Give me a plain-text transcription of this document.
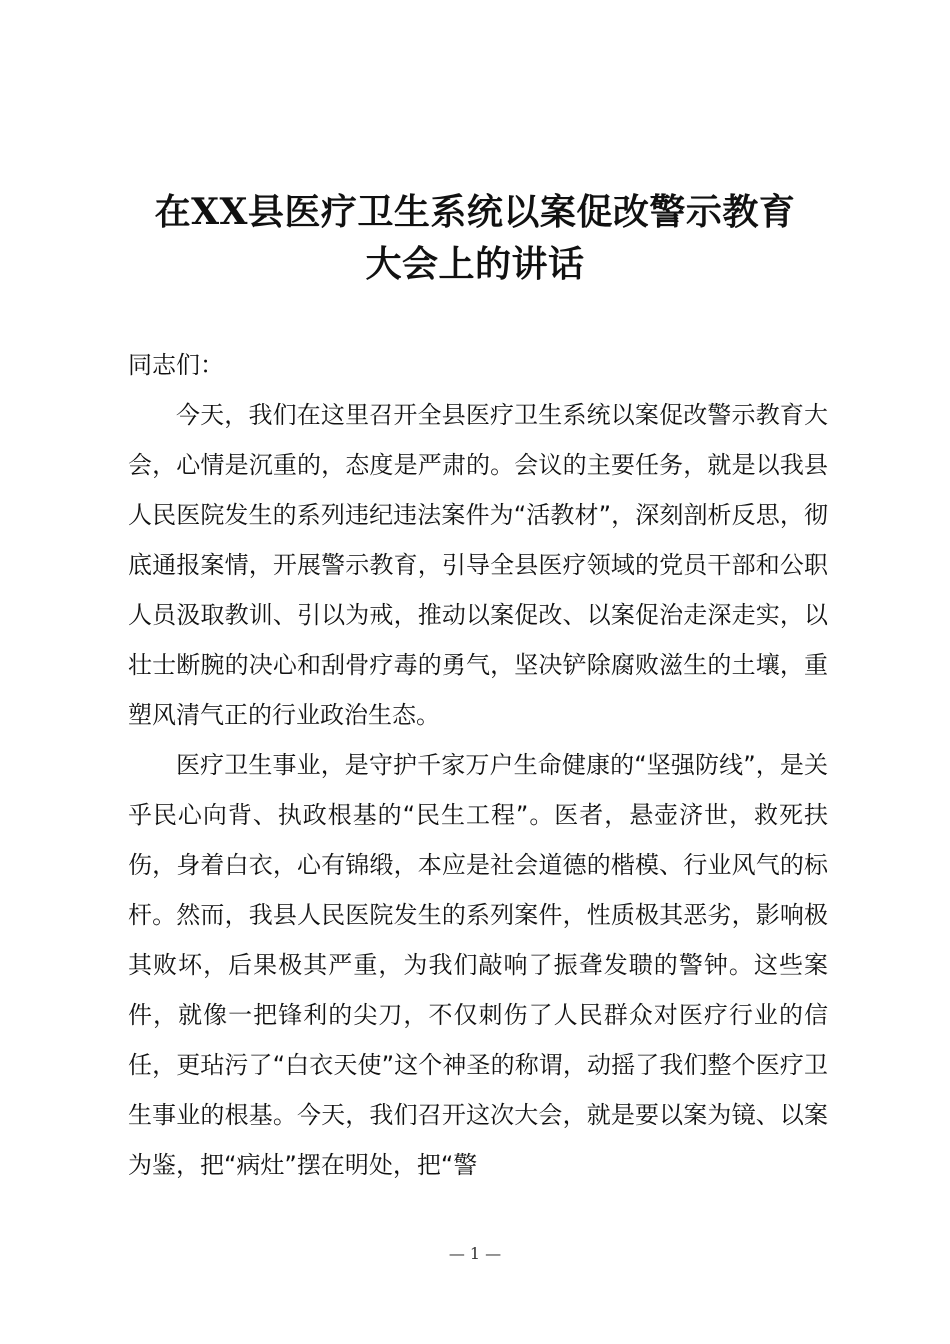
在XX县医疗卫生系统以案促改警示教育
大会上的讲话

同志们：

今天，我们在这里召开全县医疗卫生系统以案促改警示教育大会，心情是沉重的，态度是严肃的。会议的主要任务，就是以我县人民医院发生的系列违纪违法案件为“活教材”，深刻剖析反思，彻底通报案情，开展警示教育，引导全县医疗领域的党员干部和公职人员汲取教训、引以为戒，推动以案促改、以案促治走深走实，以壮士断腕的决心和刮骨疗毒的勇气，坚决铲除腐败滋生的土壤，重塑风清气正的行业政治生态。

医疗卫生事业，是守护千家万户生命健康的“坚强防线”，是关乎民心向背、执政根基的“民生工程”。医者，悬壶济世，救死扶伤，身着白衣，心有锦缎，本应是社会道德的楷模、行业风气的标杆。然而，我县人民医院发生的系列案件，性质极其恶劣，影响极其败坏，后果极其严重，为我们敲响了振聋发聩的警钟。这些案件，就像一把锋利的尖刀，不仅刺伤了人民群众对医疗行业的信任，更玷污了“白衣天使”这个神圣的称谓，动摇了我们整个医疗卫生事业的根基。今天，我们召开这次大会，就是要以案为镜、以案为鉴，把“病灶”摆在明处，把“警

— 1 —
